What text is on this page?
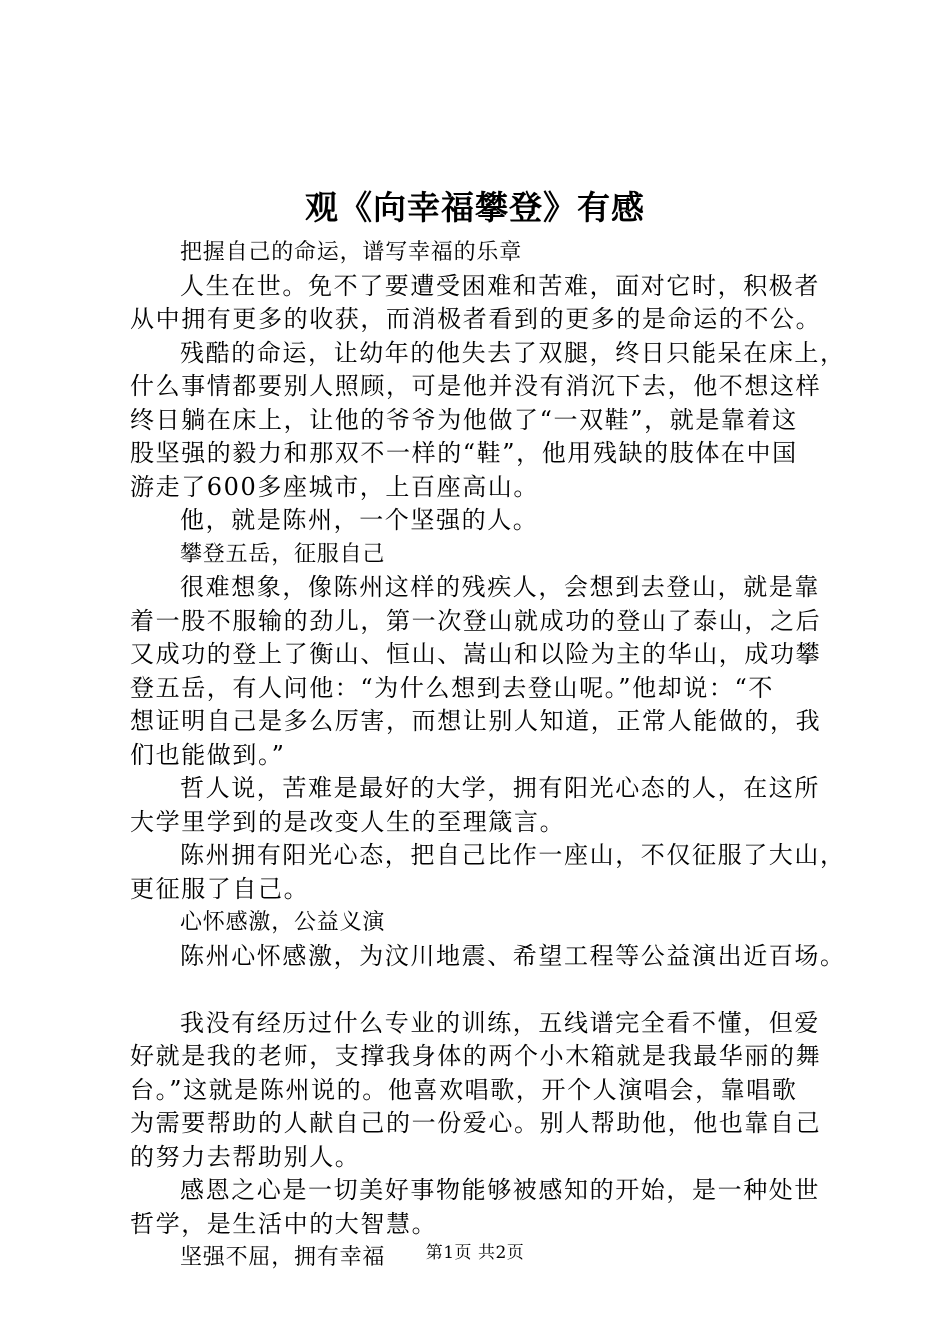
观《向幸福攀登》有感
把握自己的命运，谱写幸福的乐章
人生在世。免不了要遭受困难和苦难，面对它时，积极者
从中拥有更多的收获，而消极者看到的更多的是命运的不公。
残酷的命运，让幼年的他失去了双腿，终日只能呆在床上，
什么事情都要别人照顾，可是他并没有消沉下去，他不想这样
终日躺在床上，让他的爷爷为他做了“一双鞋”，就是靠着这
股坚强的毅力和那双不一样的“鞋”，他用残缺的肢体在中国
游走了600多座城市，上百座高山。
他，就是陈州，一个坚强的人。
攀登五岳，征服自己
很难想象，像陈州这样的残疾人，会想到去登山，就是靠
着一股不服输的劲儿，第一次登山就成功的登山了泰山，之后
又成功的登上了衡山、恒山、嵩山和以险为主的华山，成功攀
登五岳，有人问他：“为什么想到去登山呢。”他却说：“不
想证明自己是多么厉害，而想让别人知道，正常人能做的，我
们也能做到。”
哲人说，苦难是最好的大学，拥有阳光心态的人，在这所
大学里学到的是改变人生的至理箴言。
陈州拥有阳光心态，把自己比作一座山，不仅征服了大山，
更征服了自己。
心怀感激，公益义演
陈州心怀感激，为汶川地震、希望工程等公益演出近百场。
我没有经历过什么专业的训练，五线谱完全看不懂，但爱
好就是我的老师，支撑我身体的两个小木箱就是我最华丽的舞
台。”这就是陈州说的。他喜欢唱歌，开个人演唱会，靠唱歌
为需要帮助的人献自己的一份爱心。别人帮助他，他也靠自己
的努力去帮助别人。
感恩之心是一切美好事物能够被感知的开始，是一种处世
哲学，是生活中的大智慧。
坚强不屈，拥有幸福	第1页 共2页
